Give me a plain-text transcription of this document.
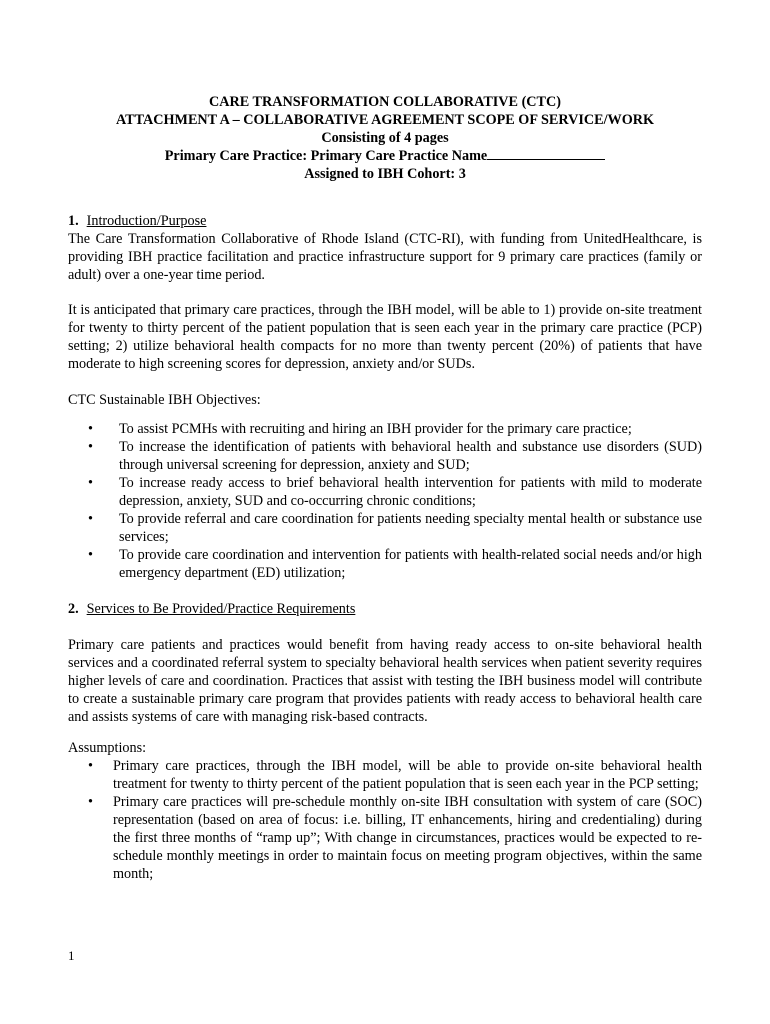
CARE TRANSFORMATION COLLABORATIVE (CTC)
ATTACHMENT A – COLLABORATIVE AGREEMENT SCOPE OF SERVICE/WORK
Consisting of 4 pages
Primary Care Practice: Primary Care Practice Name
Assigned to IBH Cohort: 3
1. Introduction/Purpose
The Care Transformation Collaborative of Rhode Island (CTC-RI), with funding from UnitedHealthcare, is providing IBH practice facilitation and practice infrastructure support for 9 primary care practices (family or adult) over a one-year time period.
It is anticipated that primary care practices, through the IBH model, will be able to 1) provide on-site treatment for twenty to thirty percent of the patient population that is seen each year in the primary care practice (PCP) setting; 2) utilize behavioral health compacts for no more than twenty percent (20%) of patients that have moderate to high screening scores for depression, anxiety and/or SUDs.
CTC Sustainable IBH Objectives:
• To assist PCMHs with recruiting and hiring an IBH provider for the primary care practice;
• To increase the identification of patients with behavioral health and substance use disorders (SUD) through universal screening for depression, anxiety and SUD;
• To increase ready access to brief behavioral health intervention for patients with mild to moderate depression, anxiety, SUD and co-occurring chronic conditions;
• To provide referral and care coordination for patients needing specialty mental health or substance use services;
• To provide care coordination and intervention for patients with health-related social needs and/or high emergency department (ED) utilization;
2. Services to Be Provided/Practice Requirements
Primary care patients and practices would benefit from having ready access to on-site behavioral health services and a coordinated referral system to specialty behavioral health services when patient severity requires higher levels of care and coordination. Practices that assist with testing the IBH business model will contribute to create a sustainable primary care program that provides patients with ready access to behavioral health care and assists systems of care with managing risk-based contracts.
Assumptions:
• Primary care practices, through the IBH model, will be able to provide on-site behavioral health treatment for twenty to thirty percent of the patient population that is seen each year in the PCP setting;
• Primary care practices will pre-schedule monthly on-site IBH consultation with system of care (SOC) representation (based on area of focus: i.e. billing, IT enhancements, hiring and credentialing) during the first three months of “ramp up”; With change in circumstances, practices would be expected to re-schedule monthly meetings in order to maintain focus on meeting program objectives, within the same month;
1
